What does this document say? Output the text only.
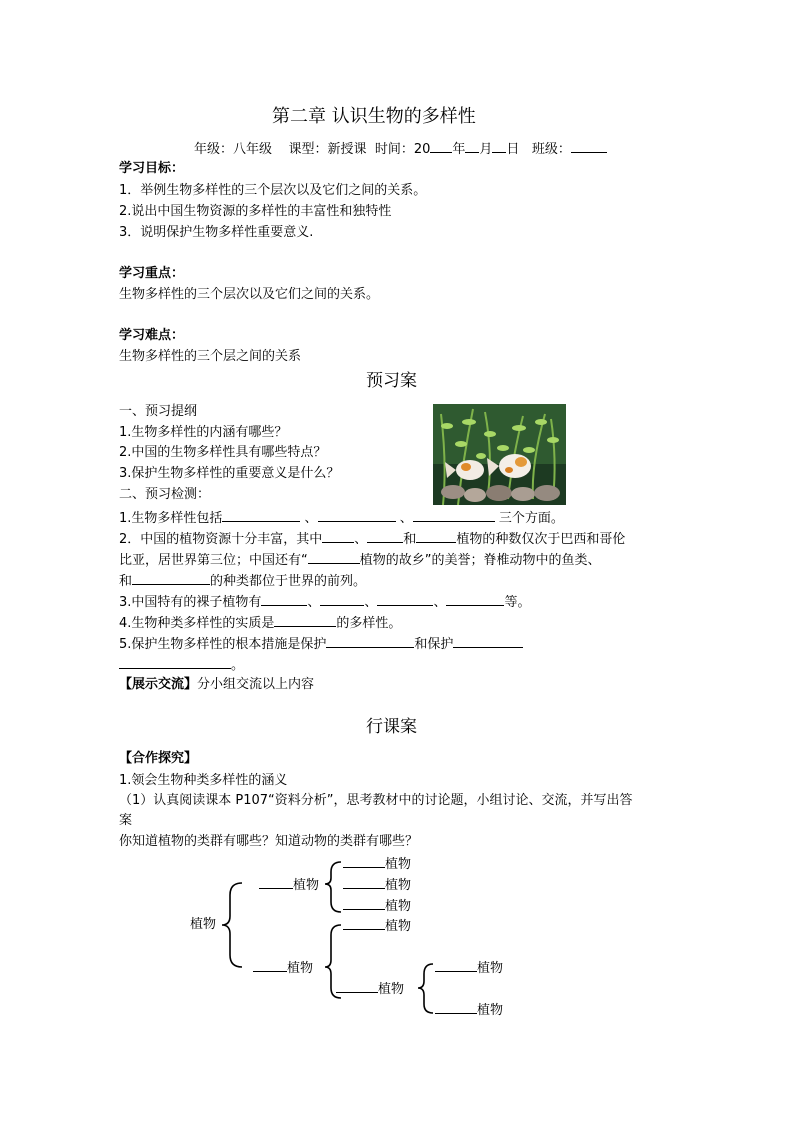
第二章 认识生物的多样性
年级：八年级 课型：新授课 时间：20 年 月 日 班级：
学习目标：
1．举例生物多样性的三个层次以及它们之间的关系。
2.说出中国生物资源的多样性的丰富性和独特性
3．说明保护生物多样性重要意义.
学习重点：
生物多样性的三个层次以及它们之间的关系。
学习难点：
生物多样性的三个层之间的关系
预习案
一、预习提纲
1.生物多样性的内涵有哪些？
2.中国的生物多样性具有哪些特点？
3.保护生物多样性的重要意义是什么？
二、预习检测：
1.生物多样性包括	、	、	三个方面。
2．中国的植物资源十分丰富，其中 、	和	植物的种数仅次于巴西和哥伦
比亚，居世界第三位；中国还有“	植物的故乡”的美誉；脊椎动物中的鱼类、
和	的种类都位于世界的前列。
3.中国特有的裸子植物有	、	、	、	等。
4.生物种类多样性的实质是	的多样性。
5.保护生物多样性的根本措施是保护	和保护
。
【展示交流】分小组交流以上内容
行课案
【合作探究】
1.领会生物种类多样性的涵义
（1）认真阅读课本 P107“资料分析”，思考教材中的讨论题，小组讨论、交流，并写出答
案
你知道植物的类群有哪些？知道动物的类群有哪些？
植物
植物
植物
植物
植物
植物
植物
植物
植物
植物
